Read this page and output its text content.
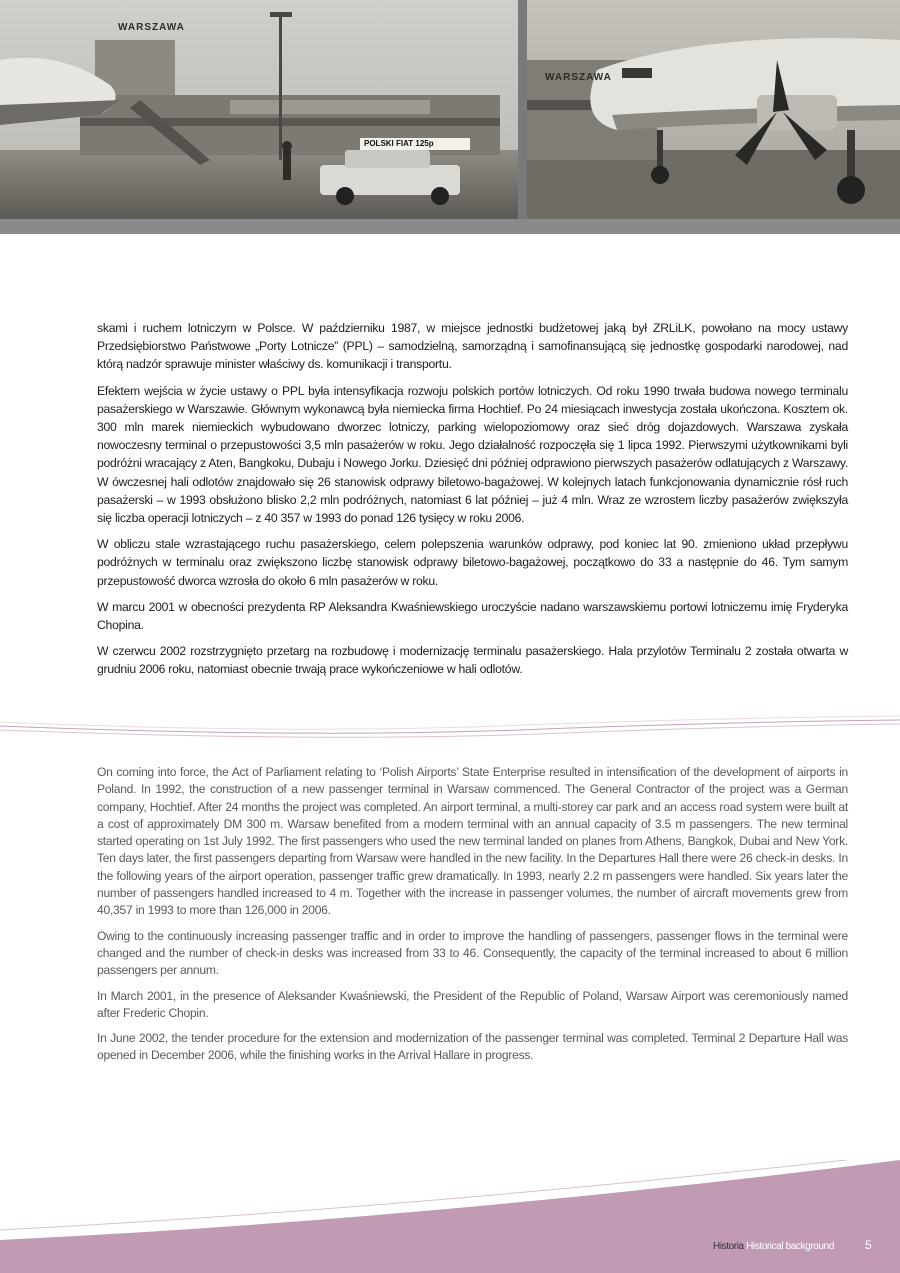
WARSZAWA
POLSKI FIAT 125p
WARSZAWA

skami i ruchem lotniczym w Polsce. W październiku 1987, w miejsce jednostki budżetowej jaką był ZRLiLK, powołano na mocy ustawy Przedsiębiorstwo Państwowe „Porty Lotnicze” (PPL) – samodzielną, samorządną i samofinansującą się jednostkę gospodarki narodowej, nad którą nadzór sprawuje minister właściwy ds. komunikacji i transportu.

Efektem wejścia w życie ustawy o PPL była intensyfikacja rozwoju polskich portów lotniczych. Od roku 1990 trwała budowa nowego terminalu pasażerskiego w Warszawie. Głównym wykonawcą była niemiecka firma Hochtief. Po 24 miesiącach inwestycja została ukończona. Kosztem ok. 300 mln marek niemieckich wybudowano dworzec lotniczy, parking wielopoziomowy oraz sieć dróg dojazdowych. Warszawa zyskała nowoczesny terminal o przepustowości 3,5 mln pasażerów w roku. Jego działalność rozpoczęła się 1 lipca 1992. Pierwszymi użytkownikami byli podróżni wracający z Aten, Bangkoku, Dubaju i Nowego Jorku. Dziesięć dni później odprawiono pierwszych pasażerów odlatujących z Warszawy. W ówczesnej hali odlotów znajdowało się 26 stanowisk odprawy biletowo-bagażowej. W kolejnych latach funkcjonowania dynamicznie rósł ruch pasażerski – w 1993 obsłużono blisko 2,2 mln podróżnych, natomiast 6 lat później – już 4 mln. Wraz ze wzrostem liczby pasażerów zwiększyła się liczba operacji lotniczych – z 40 357 w 1993 do ponad 126 tysięcy w roku 2006.

W obliczu stale wzrastającego ruchu pasażerskiego, celem polepszenia warunków odprawy, pod koniec lat 90. zmieniono układ przepływu podróżnych w terminalu oraz zwiększono liczbę stanowisk odprawy biletowo-bagażowej, początkowo do 33 a następnie do 46. Tym samym przepustowość dworca wzrosła do około 6 mln pasażerów w roku.

W marcu 2001 w obecności prezydenta RP Aleksandra Kwaśniewskiego uroczyście nadano warszawskiemu portowi lotniczemu imię Fryderyka Chopina.

W czerwcu 2002 rozstrzygnięto przetarg na rozbudowę i modernizację terminalu pasażerskiego. Hala przylotów Terminalu 2 została otwarta w grudniu 2006 roku, natomiast obecnie trwają prace wykończeniowe w hali odlotów.

On coming into force, the Act of Parliament relating to ‘Polish Airports’ State Enterprise resulted in intensification of the development of airports in Poland. In 1992, the construction of a new passenger terminal in Warsaw commenced. The General Contractor of the project was a German company, Hochtief. After 24 months the project was completed. An airport terminal, a multi-storey car park and an access road system were built at a cost of approximately DM 300 m. Warsaw benefited from a modern terminal with an annual capacity of 3.5 m passengers. The new terminal started operating on 1st July 1992. The first passengers who used the new terminal landed on planes from Athens, Bangkok, Dubai and New York. Ten days later, the first passengers departing from Warsaw were handled in the new facility. In the Departures Hall there were 26 check-in desks. In the following years of the airport operation, passenger traffic grew dramatically. In 1993, nearly 2.2 m passengers were handled. Six years later the number of passengers handled increased to 4 m. Together with the increase in passenger volumes, the number of aircraft movements grew from 40,357 in 1993 to more than 126,000 in 2006.

Owing to the continuously increasing passenger traffic and in order to improve the handling of passengers, passenger flows in the terminal were changed and the number of check-in desks was increased from 33 to 46. Consequently, the capacity of the terminal increased to about 6 million passengers per annum.

In March 2001, in the presence of Aleksander Kwaśniewski, the President of the Republic of Poland, Warsaw Airport was ceremoniously named after Frederic Chopin.

In June 2002, the tender procedure for the extension and modernization of the passenger terminal was completed. Terminal 2 Departure Hall was opened in December 2006, while the finishing works in the Arrival Hallare in progress.

Historia Historical background	5
